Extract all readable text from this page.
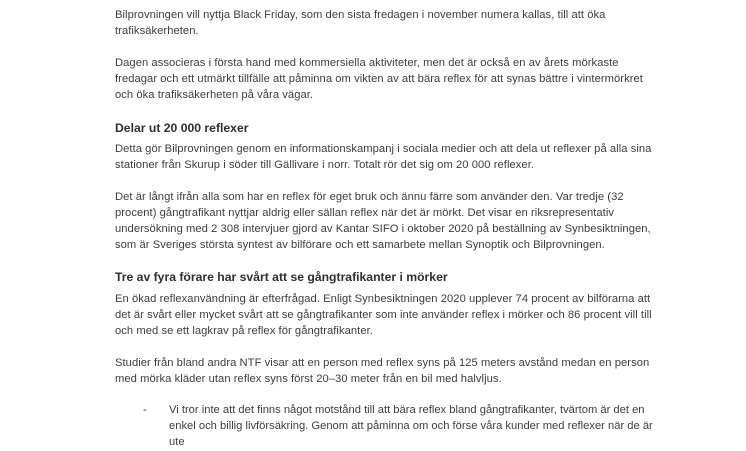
Bilprovningen vill nyttja Black Friday, som den sista fredagen i november numera kallas, till att öka trafiksäkerheten.

Dagen associeras i första hand med kommersiella aktiviteter, men det är också en av årets mörkaste fredagar och ett utmärkt tillfälle att påminna om vikten av att bära reflex för att synas bättre i vintermörkret och öka trafiksäkerheten på våra vägar.

Delar ut 20 000 reflexer

Detta gör Bilprovningen genom en informationskampanj i sociala medier och att dela ut reflexer på alla sina stationer från Skurup i söder till Gällivare i norr. Totalt rör det sig om 20 000 reflexer.

Det är långt ifrån alla som har en reflex för eget bruk och ännu färre som använder den. Var tredje (32 procent) gångtrafikant nyttjar aldrig eller sällan reflex när det är mörkt. Det visar en riksrepresentativ undersökning med 2 308 intervjuer gjord av Kantar SIFO i oktober 2020 på beställning av Synbesiktningen, som är Sveriges största syntest av bilförare och ett samarbete mellan Synoptik och Bilprovningen.

Tre av fyra förare har svårt att se gångtrafikanter i mörker

En ökad reflexanvändning är efterfrågad. Enligt Synbesiktningen 2020 upplever 74 procent av bilförarna att det är svårt eller mycket svårt att se gångtrafikanter som inte använder reflex i mörker och 86 procent vill till och med se ett lagkrav på reflex för gångtrafikanter.

Studier från bland andra NTF visar att en person med reflex syns på 125 meters avstånd medan en person med mörka kläder utan reflex syns först 20–30 meter från en bil med halvljus.

- Vi tror inte att det finns något motstånd till att bära reflex bland gångtrafikanter, tvärtom är det en enkel och billig livförsäkring. Genom att påminna om och förse våra kunder med reflexer när de är ute
